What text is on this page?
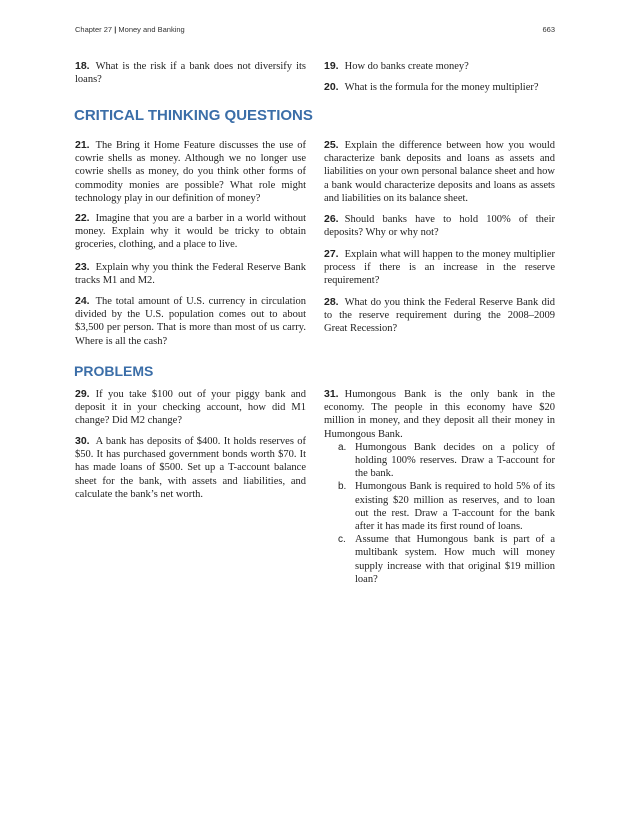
Chapter 27 | Money and Banking	663

18. What is the risk if a bank does not diversify its loans?

19. How do banks create money?

20. What is the formula for the money multiplier?

CRITICAL THINKING QUESTIONS

21. The Bring it Home Feature discusses the use of cowrie shells as money. Although we no longer use cowrie shells as money, do you think other forms of commodity monies are possible? What role might technology play in our definition of money?

22. Imagine that you are a barber in a world without money. Explain why it would be tricky to obtain groceries, clothing, and a place to live.

23. Explain why you think the Federal Reserve Bank tracks M1 and M2.

24. The total amount of U.S. currency in circulation divided by the U.S. population comes out to about $3,500 per person. That is more than most of us carry. Where is all the cash?

25. Explain the difference between how you would characterize bank deposits and loans as assets and liabilities on your own personal balance sheet and how a bank would characterize deposits and loans as assets and liabilities on its balance sheet.

26. Should banks have to hold 100% of their deposits? Why or why not?

27. Explain what will happen to the money multiplier process if there is an increase in the reserve requirement?

28. What do you think the Federal Reserve Bank did to the reserve requirement during the 2008–2009 Great Recession?

PROBLEMS

29. If you take $100 out of your piggy bank and deposit it in your checking account, how did M1 change? Did M2 change?

30. A bank has deposits of $400. It holds reserves of $50. It has purchased government bonds worth $70. It has made loans of $500. Set up a T-account balance sheet for the bank, with assets and liabilities, and calculate the bank’s net worth.

31. Humongous Bank is the only bank in the economy. The people in this economy have $20 million in money, and they deposit all their money in Humongous Bank.

a. Humongous Bank decides on a policy of holding 100% reserves. Draw a T-account for the bank.
b. Humongous Bank is required to hold 5% of its existing $20 million as reserves, and to loan out the rest. Draw a T-account for the bank after it has made its first round of loans.
c. Assume that Humongous bank is part of a multibank system. How much will money supply increase with that original $19 million loan?
